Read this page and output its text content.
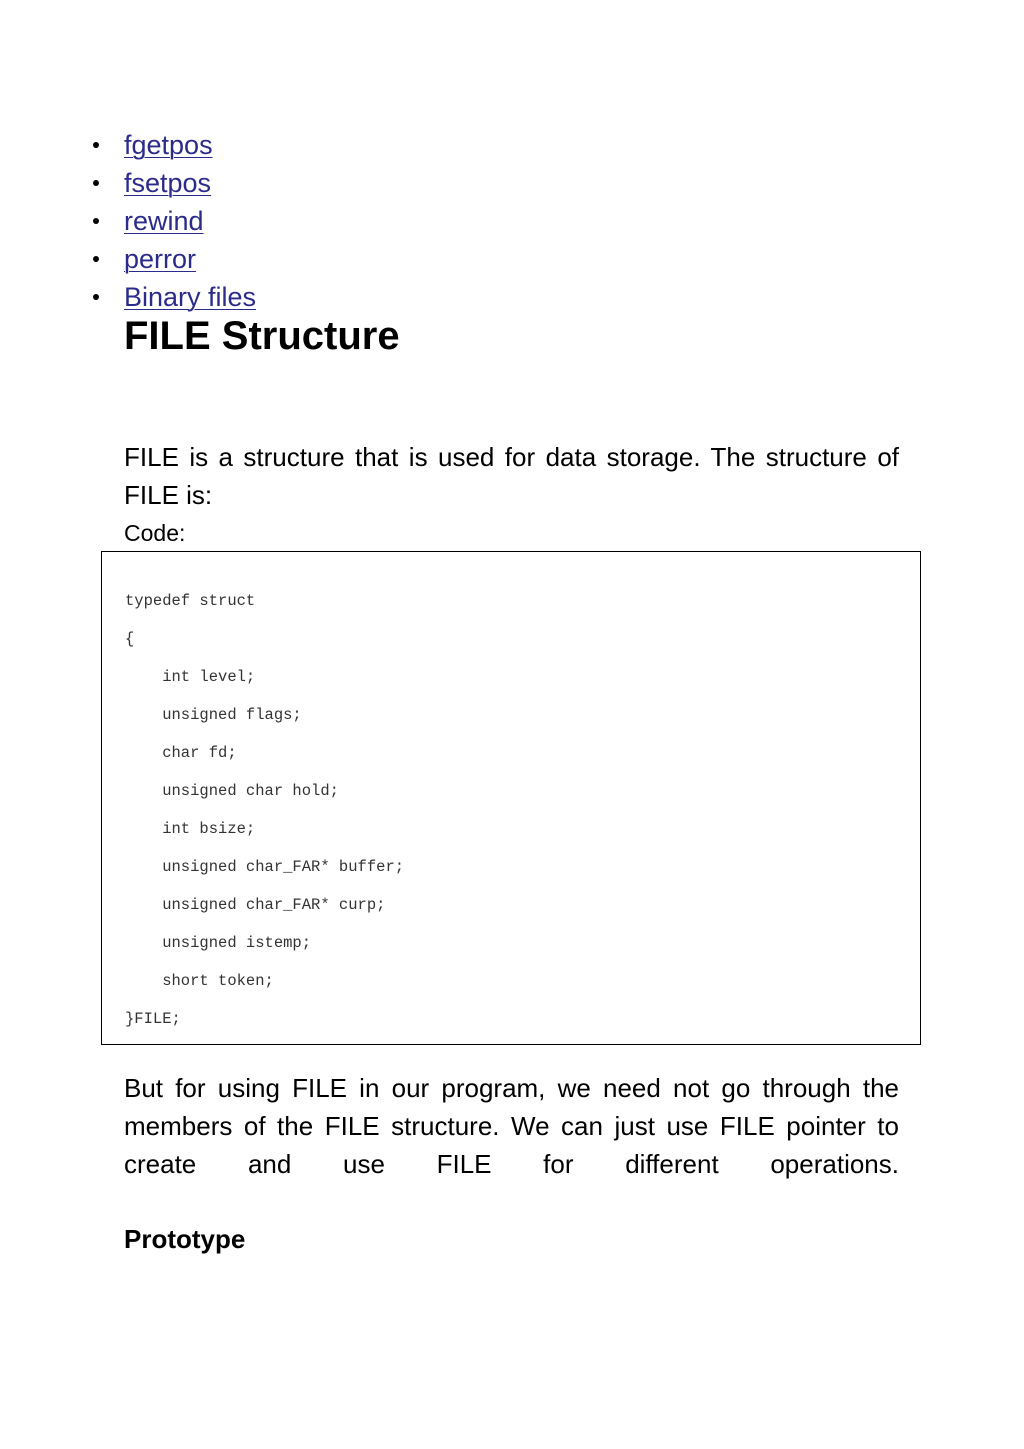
fgetpos
fsetpos
rewind
perror
Binary files
FILE Structure

FILE is a structure that is used for data storage. The structure of FILE is:

Code:

typedef struct
{
int level;
unsigned flags;
char fd;
unsigned char hold;
int bsize;
unsigned char_FAR* buffer;
unsigned char_FAR* curp;
unsigned istemp;
short token;
}FILE;

But for using FILE in our program, we need not go through the members of the FILE structure. We can just use FILE pointer to create and use FILE for different operations.

Prototype
